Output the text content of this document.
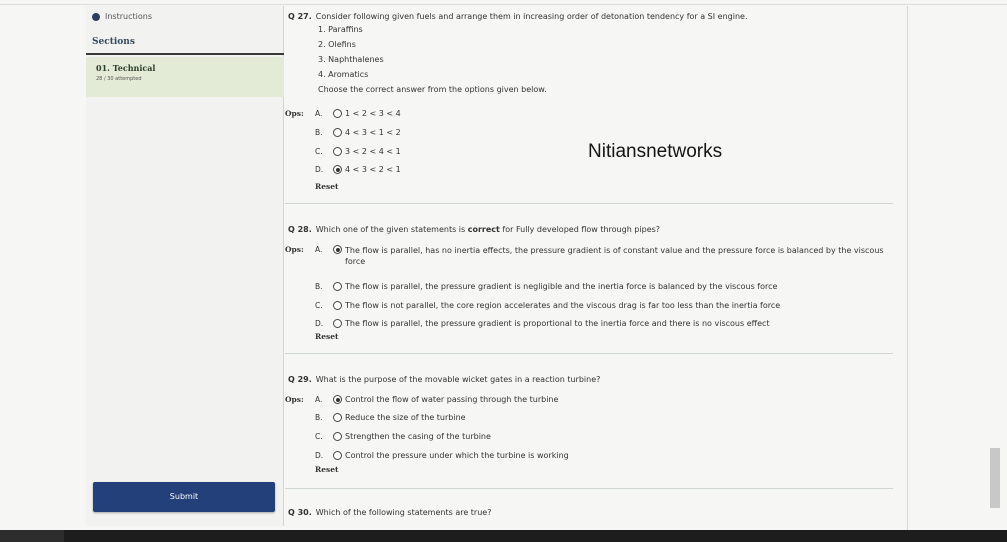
Instructions
Sections
01. Technical
28 / 30 attempted
Submit
Q 27. Consider following given fuels and arrange them in increasing order of detonation tendency for a SI engine.
1. Paraffins
2. Olefins
3. Naphthalenes
4. Aromatics
Choose the correct answer from the options given below.
Ops: A.	1 < 2 < 3 < 4
B.	4 < 3 < 1 < 2
C.	3 < 2 < 4 < 1
D.	4 < 3 < 2 < 1
Reset
Q 28. Which one of the given statements is correct for Fully developed flow through pipes?
Ops: A.	The flow is parallel, has no inertia effects, the pressure gradient is of constant value and the pressure force is balanced by the viscous force
B.	The flow is parallel, the pressure gradient is negligible and the inertia force is balanced by the viscous force
C.	The flow is not parallel, the core region accelerates and the viscous drag is far too less than the inertia force
D.	The flow is parallel, the pressure gradient is proportional to the inertia force and there is no viscous effect
Reset
Q 29. What is the purpose of the movable wicket gates in a reaction turbine?
Ops: A.	Control the flow of water passing through the turbine
B.	Reduce the size of the turbine
C.	Strengthen the casing of the turbine
D.	Control the pressure under which the turbine is working
Reset
Q 30. Which of the following statements are true?
Nitiansnetworks
